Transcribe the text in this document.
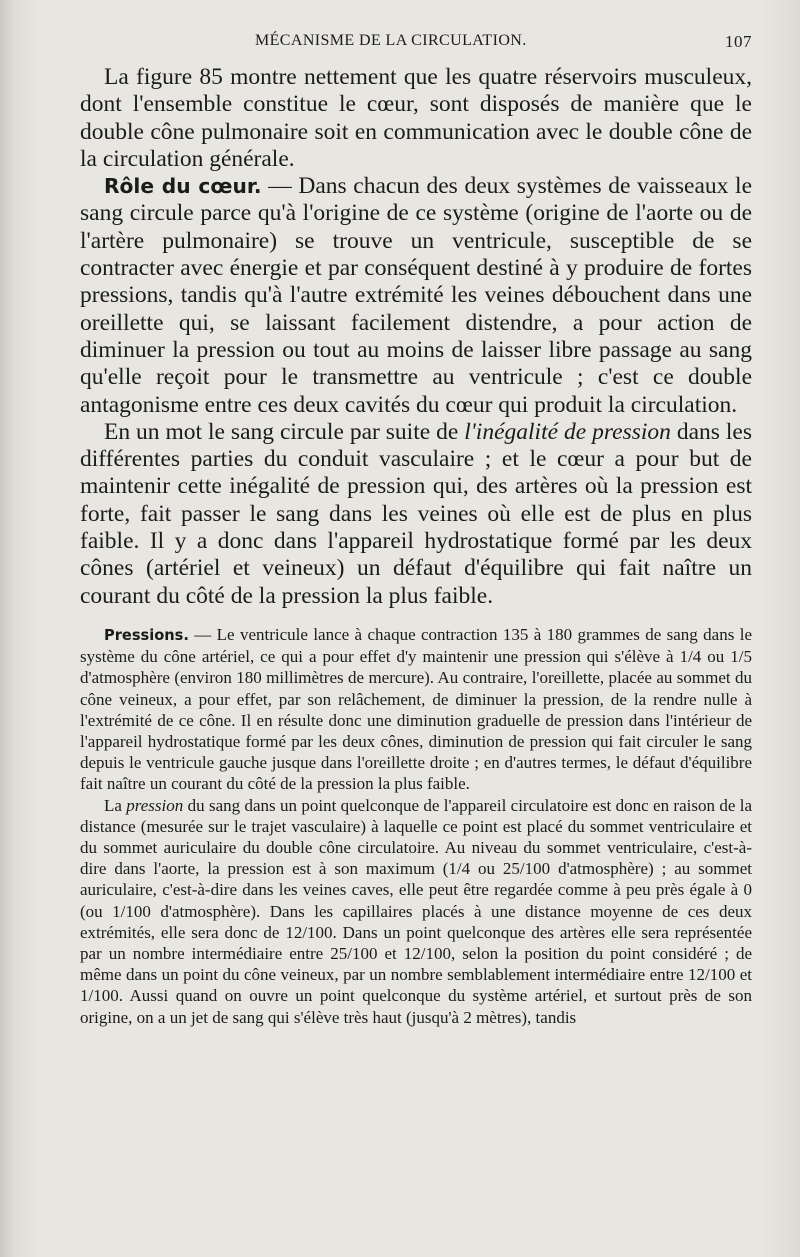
MÉCANISME DE LA CIRCULATION.	107

La figure 85 montre nettement que les quatre réservoirs musculeux, dont l'ensemble constitue le cœur, sont disposés de manière que le double cône pulmonaire soit en communication avec le double cône de la circulation générale.

Rôle du cœur. — Dans chacun des deux systèmes de vaisseaux le sang circule parce qu'à l'origine de ce système (origine de l'aorte ou de l'artère pulmonaire) se trouve un ventricule, susceptible de se contracter avec énergie et par conséquent destiné à y produire de fortes pressions, tandis qu'à l'autre extrémité les veines débouchent dans une oreillette qui, se laissant facilement distendre, a pour action de diminuer la pression ou tout au moins de laisser libre passage au sang qu'elle reçoit pour le transmettre au ventricule ; c'est ce double antagonisme entre ces deux cavités du cœur qui produit la circulation.

En un mot le sang circule par suite de l'inégalité de pression dans les différentes parties du conduit vasculaire ; et le cœur a pour but de maintenir cette inégalité de pression qui, des artères où la pression est forte, fait passer le sang dans les veines où elle est de plus en plus faible. Il y a donc dans l'appareil hydrostatique formé par les deux cônes (artériel et veineux) un défaut d'équilibre qui fait naître un courant du côté de la pression la plus faible.

Pressions. — Le ventricule lance à chaque contraction 135 à 180 grammes de sang dans le système du cône artériel, ce qui a pour effet d'y maintenir une pression qui s'élève à 1/4 ou 1/5 d'atmosphère (environ 180 millimètres de mercure). Au contraire, l'oreillette, placée au sommet du cône veineux, a pour effet, par son relâchement, de diminuer la pression, de la rendre nulle à l'extrémité de ce cône. Il en résulte donc une diminution graduelle de pression dans l'intérieur de l'appareil hydrostatique formé par les deux cônes, diminution de pression qui fait circuler le sang depuis le ventricule gauche jusque dans l'oreillette droite ; en d'autres termes, le défaut d'équilibre fait naître un courant du côté de la pression la plus faible.

La pression du sang dans un point quelconque de l'appareil circulatoire est donc en raison de la distance (mesurée sur le trajet vasculaire) à laquelle ce point est placé du sommet ventriculaire et du sommet auriculaire du double cône circulatoire. Au niveau du sommet ventriculaire, c'est-à-dire dans l'aorte, la pression est à son maximum (1/4 ou 25/100 d'atmosphère) ; au sommet auriculaire, c'est-à-dire dans les veines caves, elle peut être regardée comme à peu près égale à 0 (ou 1/100 d'atmosphère). Dans les capillaires placés à une distance moyenne de ces deux extrémités, elle sera donc de 12/100. Dans un point quelconque des artères elle sera représentée par un nombre intermédiaire entre 25/100 et 12/100, selon la position du point considéré ; de même dans un point du cône veineux, par un nombre semblablement intermédiaire entre 12/100 et 1/100. Aussi quand on ouvre un point quelconque du système artériel, et surtout près de son origine, on a un jet de sang qui s'élève très haut (jusqu'à 2 mètres), tandis
